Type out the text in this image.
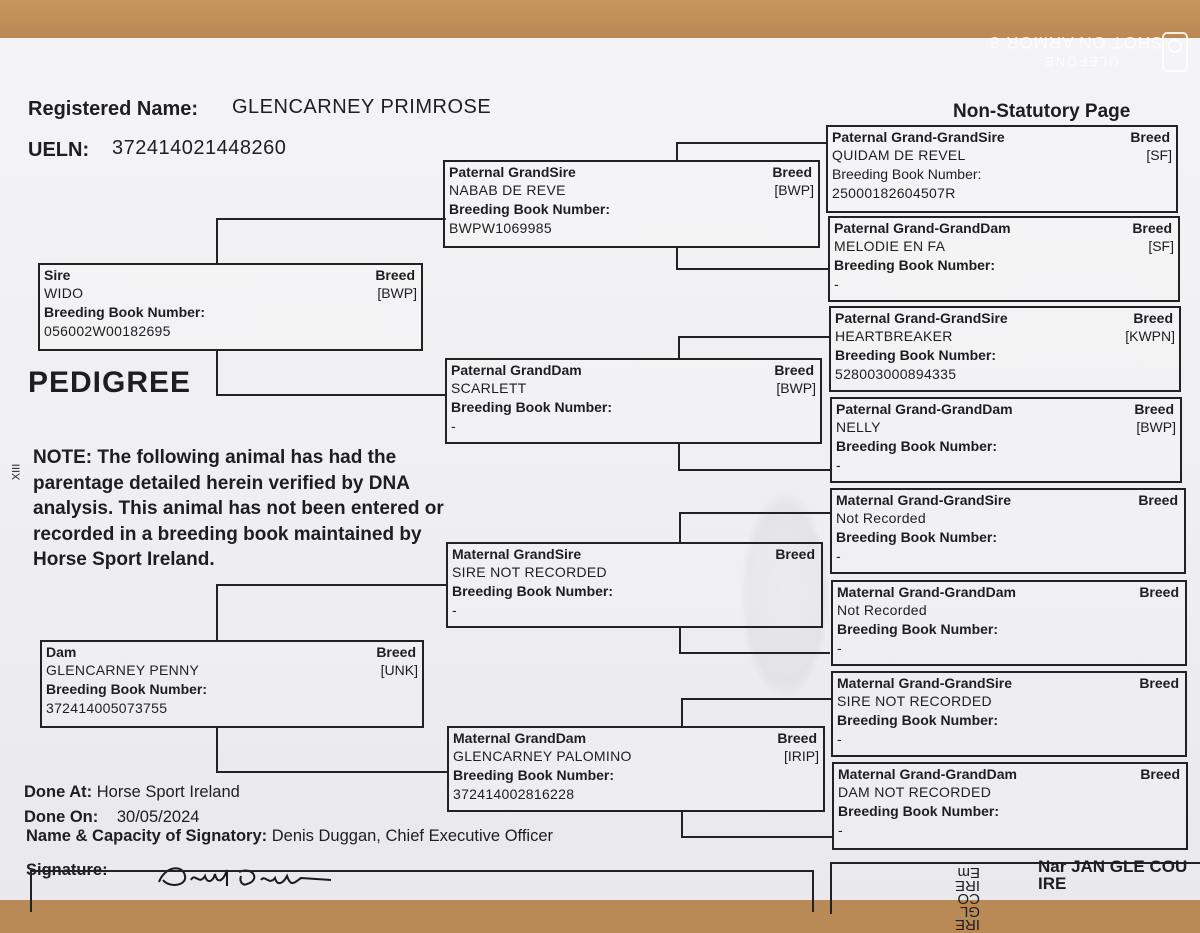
SHOT ON ARMOR 8
ULEFONE
Registered Name: GLENCARNEY PRIMROSE
UELN: 372414021448260
Non-Statutory Page
PEDIGREE
XIII
NOTE: The following animal has had the parentage detailed herein verified by DNA analysis. This animal has not been entered or recorded in a breeding book maintained by Horse Sport Ireland.
Sire	Breed
WIDO	[BWP]
Breeding Book Number:
056002W00182695
Dam	Breed
GLENCARNEY PENNY	[UNK]
Breeding Book Number:
372414005073755
Paternal GrandSire	Breed
NABAB DE REVE	[BWP]
Breeding Book Number:
BWPW1069985
Paternal GrandDam	Breed
SCARLETT	[BWP]
Breeding Book Number:
-
Maternal GrandSire	Breed
SIRE NOT RECORDED
Breeding Book Number:
-
Maternal GrandDam	Breed
GLENCARNEY PALOMINO	[IRIP]
Breeding Book Number:
372414002816228
Paternal Grand-GrandSire	Breed
QUIDAM DE REVEL	[SF]
Breeding Book Number:
25000182604507R
Paternal Grand-GrandDam	Breed
MELODIE EN FA	[SF]
Breeding Book Number:
-
Paternal Grand-GrandSire	Breed
HEARTBREAKER	[KWPN]
Breeding Book Number:
528003000894335
Paternal Grand-GrandDam	Breed
NELLY	[BWP]
Breeding Book Number:
-
Maternal Grand-GrandSire	Breed
Not Recorded
Breeding Book Number:
-
Maternal Grand-GrandDam	Breed
Not Recorded
Breeding Book Number:
-
Maternal Grand-GrandSire	Breed
SIRE NOT RECORDED
Breeding Book Number:
-
Maternal Grand-GrandDam	Breed
DAM NOT RECORDED
Breeding Book Number:
-
Done At: Horse Sport Ireland
Done On: 30/05/2024
Name & Capacity of Signatory: Denis Duggan, Chief Executive Officer
Signature:
IRE GL CO IRE Em	Nar JAN GLE COU IRE
